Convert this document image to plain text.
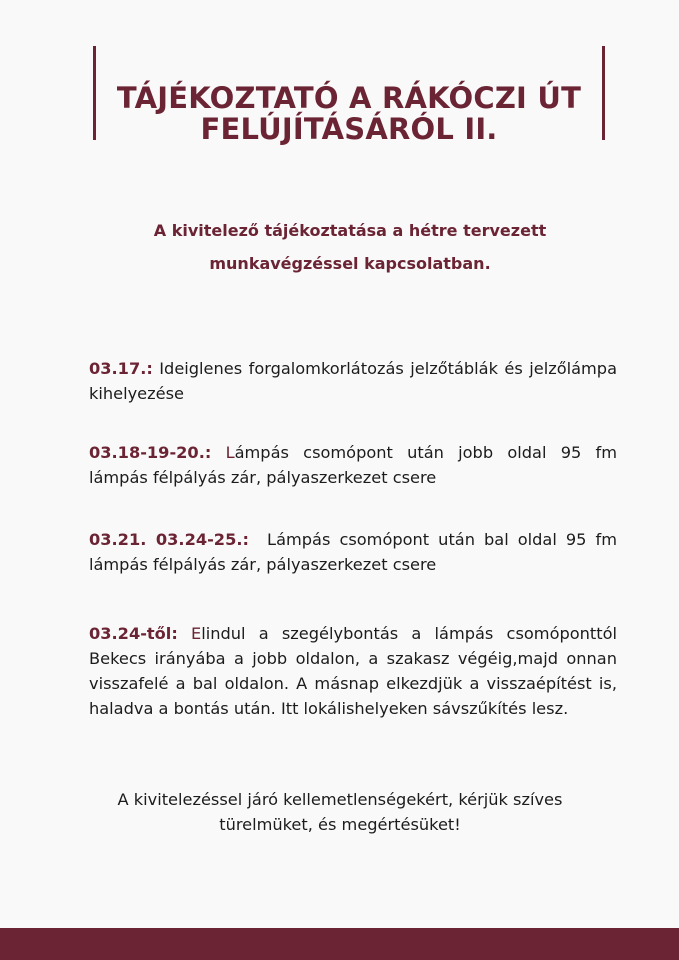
TÁJÉKOZTATÓ A RÁKÓCZI ÚT
FELÚJÍTÁSÁRÓL II.
A kivitelező tájékoztatása a hétre tervezett
munkavégzéssel kapcsolatban.
03.17.: Ideiglenes forgalomkorlátozás jelzőtáblák és jelzőlámpa kihelyezése
03.18-19-20.: Lámpás csomópont után jobb oldal 95 fm lámpás félpályás zár, pályaszerkezet csere
03.21. 03.24-25.:  Lámpás csomópont után bal oldal 95 fm lámpás félpályás zár, pályaszerkezet csere
03.24-től: Elindul a szegélybontás a lámpás csomóponttól Bekecs irányába a jobb oldalon, a szakasz végéig,majd onnan visszafelé a bal oldalon. A másnap elkezdjük a visszaépítést is, haladva a bontás után. Itt lokálishelyeken sávszűkítés lesz.
A kivitelezéssel járó kellemetlenségekért, kérjük szíves
türelmüket, és megértésüket!
